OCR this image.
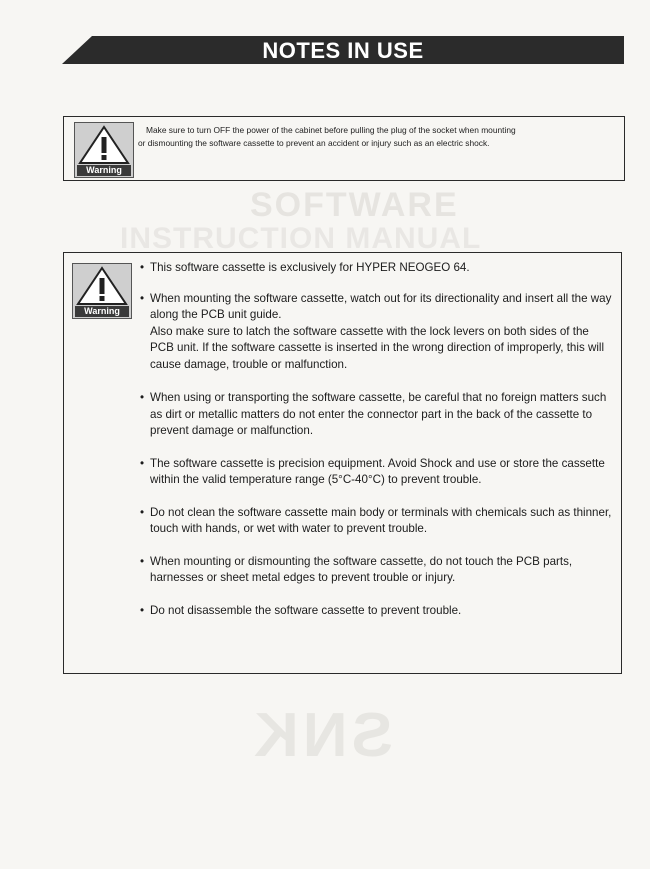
SOFTWARE
INSTRUCTION MANUAL
SNK
NOTES IN USE
Warning
Make sure to turn OFF the power of the cabinet before pulling the plug of the socket when mounting
or dismounting the software cassette to prevent an accident or injury such as an electric shock.
Warning
• This software cassette is exclusively for HYPER NEOGEO 64.
• When mounting the software cassette, watch out for its directionality and insert all the way along the PCB unit guide.
Also make sure to latch the software cassette with the lock levers on both sides of the PCB unit. If the software cassette is inserted in the wrong direction of improperly, this will cause damage, trouble or malfunction.
• When using or transporting the software cassette, be careful that no foreign matters such as dirt or metallic matters do not enter the connector part in the back of the cassette to prevent damage or malfunction.
• The software cassette is precision equipment. Avoid Shock and use or store the cassette within the valid temperature range (5°C-40°C) to prevent trouble.
• Do not clean the software cassette main body or terminals with chemicals such as thinner, touch with hands, or wet with water to prevent trouble.
• When mounting or dismounting the software cassette, do not touch the PCB parts, harnesses or sheet metal edges to prevent trouble or injury.
• Do not disassemble the software cassette to prevent trouble.
